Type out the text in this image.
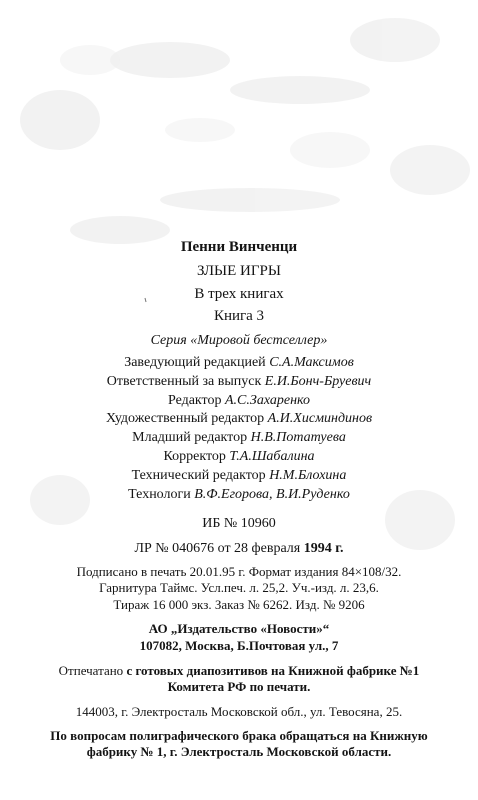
Пенни Винченци
ЗЛЫЕ ИГРЫ
В трех книгах
Книга 3
Серия «Мировой бестселлер»
Заведующий редакцией С.А.Максимов
Ответственный за выпуск Е.И.Бонч-Бруевич
Редактор А.С.Захаренко
Художественный редактор А.И.Хисминдинов
Младший редактор Н.В.Потатуева
Корректор Т.А.Шабалина
Технический редактор Н.М.Блохина
Технологи В.Ф.Егорова, В.И.Руденко
ИБ № 10960
ЛР № 040676 от 28 февраля 1994 г.
Подписано в печать 20.01.95 г. Формат издания 84×108/32.
Гарнитура Таймс. Усл.печ. л. 25,2. Уч.-изд. л. 23,6.
Тираж 16 000 экз. Заказ № 6262. Изд. № 9206
АО „Издательство «Новости»“
107082, Москва, Б.Почтовая ул., 7
Отпечатано с готовых диапозитивов на Книжной фабрике №1
Комитета РФ по печати.
144003, г. Электросталь Московской обл., ул. Тевосяна, 25.
По вопросам полиграфического брака обращаться на Книжную
фабрику № 1, г. Электросталь Московской области.
